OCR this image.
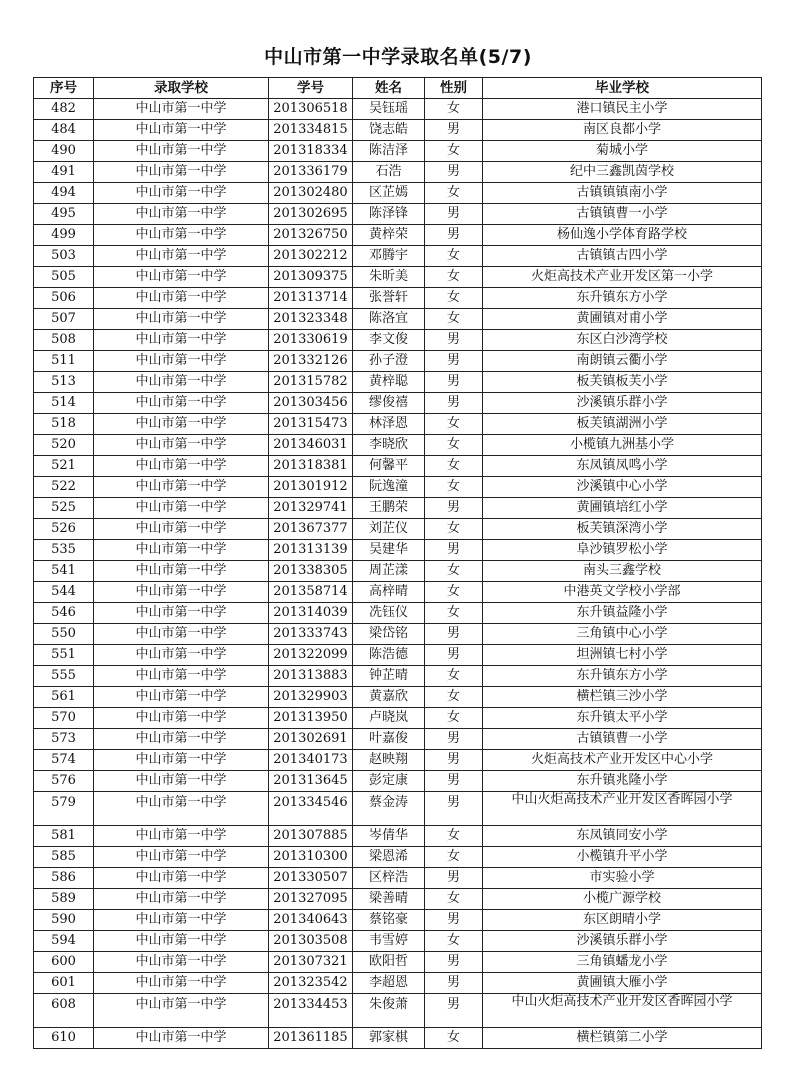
中山市第一中学录取名单(5/7)
序号	录取学校	学号	姓名	性别	毕业学校
482	中山市第一中学	201306518	吴钰瑶	女	港口镇民主小学
484	中山市第一中学	201334815	饶志皓	男	南区良都小学
490	中山市第一中学	201318334	陈洁泽	女	菊城小学
491	中山市第一中学	201336179	石浩	男	纪中三鑫凯茵学校
494	中山市第一中学	201302480	区芷嫣	女	古镇镇镇南小学
495	中山市第一中学	201302695	陈泽锋	男	古镇镇曹一小学
499	中山市第一中学	201326750	黄梓荣	男	杨仙逸小学体育路学校
503	中山市第一中学	201302212	邓腾宇	女	古镇镇古四小学
505	中山市第一中学	201309375	朱昕美	女	火炬高技术产业开发区第一小学
506	中山市第一中学	201313714	张誉轩	女	东升镇东方小学
507	中山市第一中学	201323348	陈洛宜	女	黄圃镇对甫小学
508	中山市第一中学	201330619	李文俊	男	东区白沙湾学校
511	中山市第一中学	201332126	孙子澄	男	南朗镇云衢小学
513	中山市第一中学	201315782	黄梓聪	男	板芙镇板芙小学
514	中山市第一中学	201303456	缪俊禧	男	沙溪镇乐群小学
518	中山市第一中学	201315473	林泽恩	女	板芙镇湖洲小学
520	中山市第一中学	201346031	李晓欣	女	小榄镇九洲基小学
521	中山市第一中学	201318381	何馨平	女	东凤镇凤鸣小学
522	中山市第一中学	201301912	阮逸潼	女	沙溪镇中心小学
525	中山市第一中学	201329741	王鹏荣	男	黄圃镇培红小学
526	中山市第一中学	201367377	刘芷仪	女	板芙镇深湾小学
535	中山市第一中学	201313139	吴建华	男	阜沙镇罗松小学
541	中山市第一中学	201338305	周芷漾	女	南头三鑫学校
544	中山市第一中学	201358714	高梓晴	女	中港英文学校小学部
546	中山市第一中学	201314039	冼钰仪	女	东升镇益隆小学
550	中山市第一中学	201333743	梁岱铭	男	三角镇中心小学
551	中山市第一中学	201322099	陈浩德	男	坦洲镇七村小学
555	中山市第一中学	201313883	钟芷晴	女	东升镇东方小学
561	中山市第一中学	201329903	黄嘉欣	女	横栏镇三沙小学
570	中山市第一中学	201313950	卢晓岚	女	东升镇太平小学
573	中山市第一中学	201302691	叶嘉俊	男	古镇镇曹一小学
574	中山市第一中学	201340173	赵映翔	男	火炬高技术产业开发区中心小学
576	中山市第一中学	201313645	彭定康	男	东升镇兆隆小学
579	中山市第一中学	201334546	蔡金涛	男	中山火炬高技术产业开发区香晖园小学
581	中山市第一中学	201307885	岑倩华	女	东凤镇同安小学
585	中山市第一中学	201310300	梁恩浠	女	小榄镇升平小学
586	中山市第一中学	201330507	区梓浩	男	市实验小学
589	中山市第一中学	201327095	梁善晴	女	小榄广源学校
590	中山市第一中学	201340643	蔡铭豪	男	东区朗晴小学
594	中山市第一中学	201303508	韦雪婷	女	沙溪镇乐群小学
600	中山市第一中学	201307321	欧阳哲	男	三角镇蟠龙小学
601	中山市第一中学	201323542	李超恩	男	黄圃镇大雁小学
608	中山市第一中学	201334453	朱俊萧	男	中山火炬高技术产业开发区香晖园小学
610	中山市第一中学	201361185	郭家棋	女	横栏镇第二小学
